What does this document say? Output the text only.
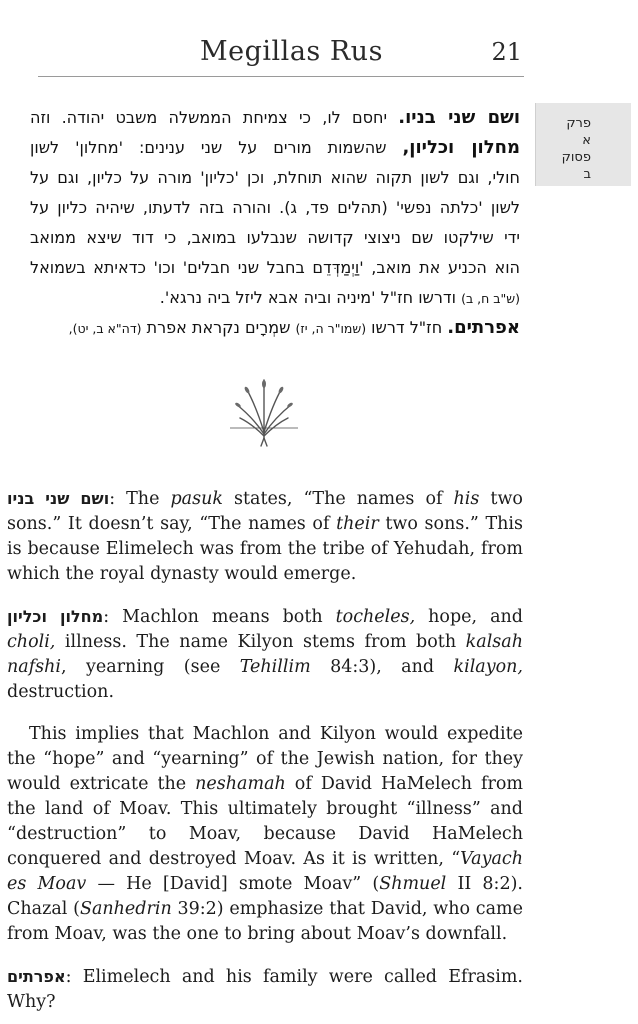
Megillas Rus	21
פרק
א
פסוק
ב
ושם שני בניו. יחסם לו, כי צמיחת הממשלה משבט יהודה. וזה
מחלון וכליון, שהשמות מורים על שני ענינים: 'מחלון' לשון
חולי, וגם לשון תקוה שהוא תוחלת, וכן 'כליון' מורה על כליון, וגם על
לשון 'כלתה נפשי' (תהלים פד, ג). והורה בזה לדעתו, שיהיה כליון על
ידי שילקטו שם ניצוצי קדושה שנבלעו במואב, כי דוד שיצא ממואב
הוא הכניע את מואב, 'וַיְמַדְּדֵם בחבל שני חבלים' וכו' כדאיתא בשמואל
(ש"ב ח, ב) ודרשו חז"ל 'מיניה וביה אבא ליזל ביה נרגא'.
אפרתים. חז"ל דרשו (שמו"ר ה, יז) שמְרָים נקראת אפרת (דה"א ב, יט),

ושם שני בניו: The pasuk states, “The names of his two sons.” It doesn’t say, “The names of their two sons.” This is because Elimelech was from the tribe of Yehudah, from which the royal dynasty would emerge.

מחלון וכליון: Machlon means both tocheles, hope, and choli, illness. The name Kilyon stems from both kalsah nafshi, yearning (see Tehillim 84:3), and kilayon, destruction.

This implies that Machlon and Kilyon would expedite the “hope” and “yearning” of the Jewish nation, for they would extricate the neshamah of David HaMelech from the land of Moav. This ultimately brought “illness” and “destruction” to Moav, because David HaMelech conquered and destroyed Moav. As it is written, “Vayach es Moav — He [David] smote Moav” (Shmuel II 8:2). Chazal (Sanhedrin 39:2) emphasize that David, who came from Moav, was the one to bring about Moav’s downfall.

אפרתים: Elimelech and his family were called Efrasim. Why?
